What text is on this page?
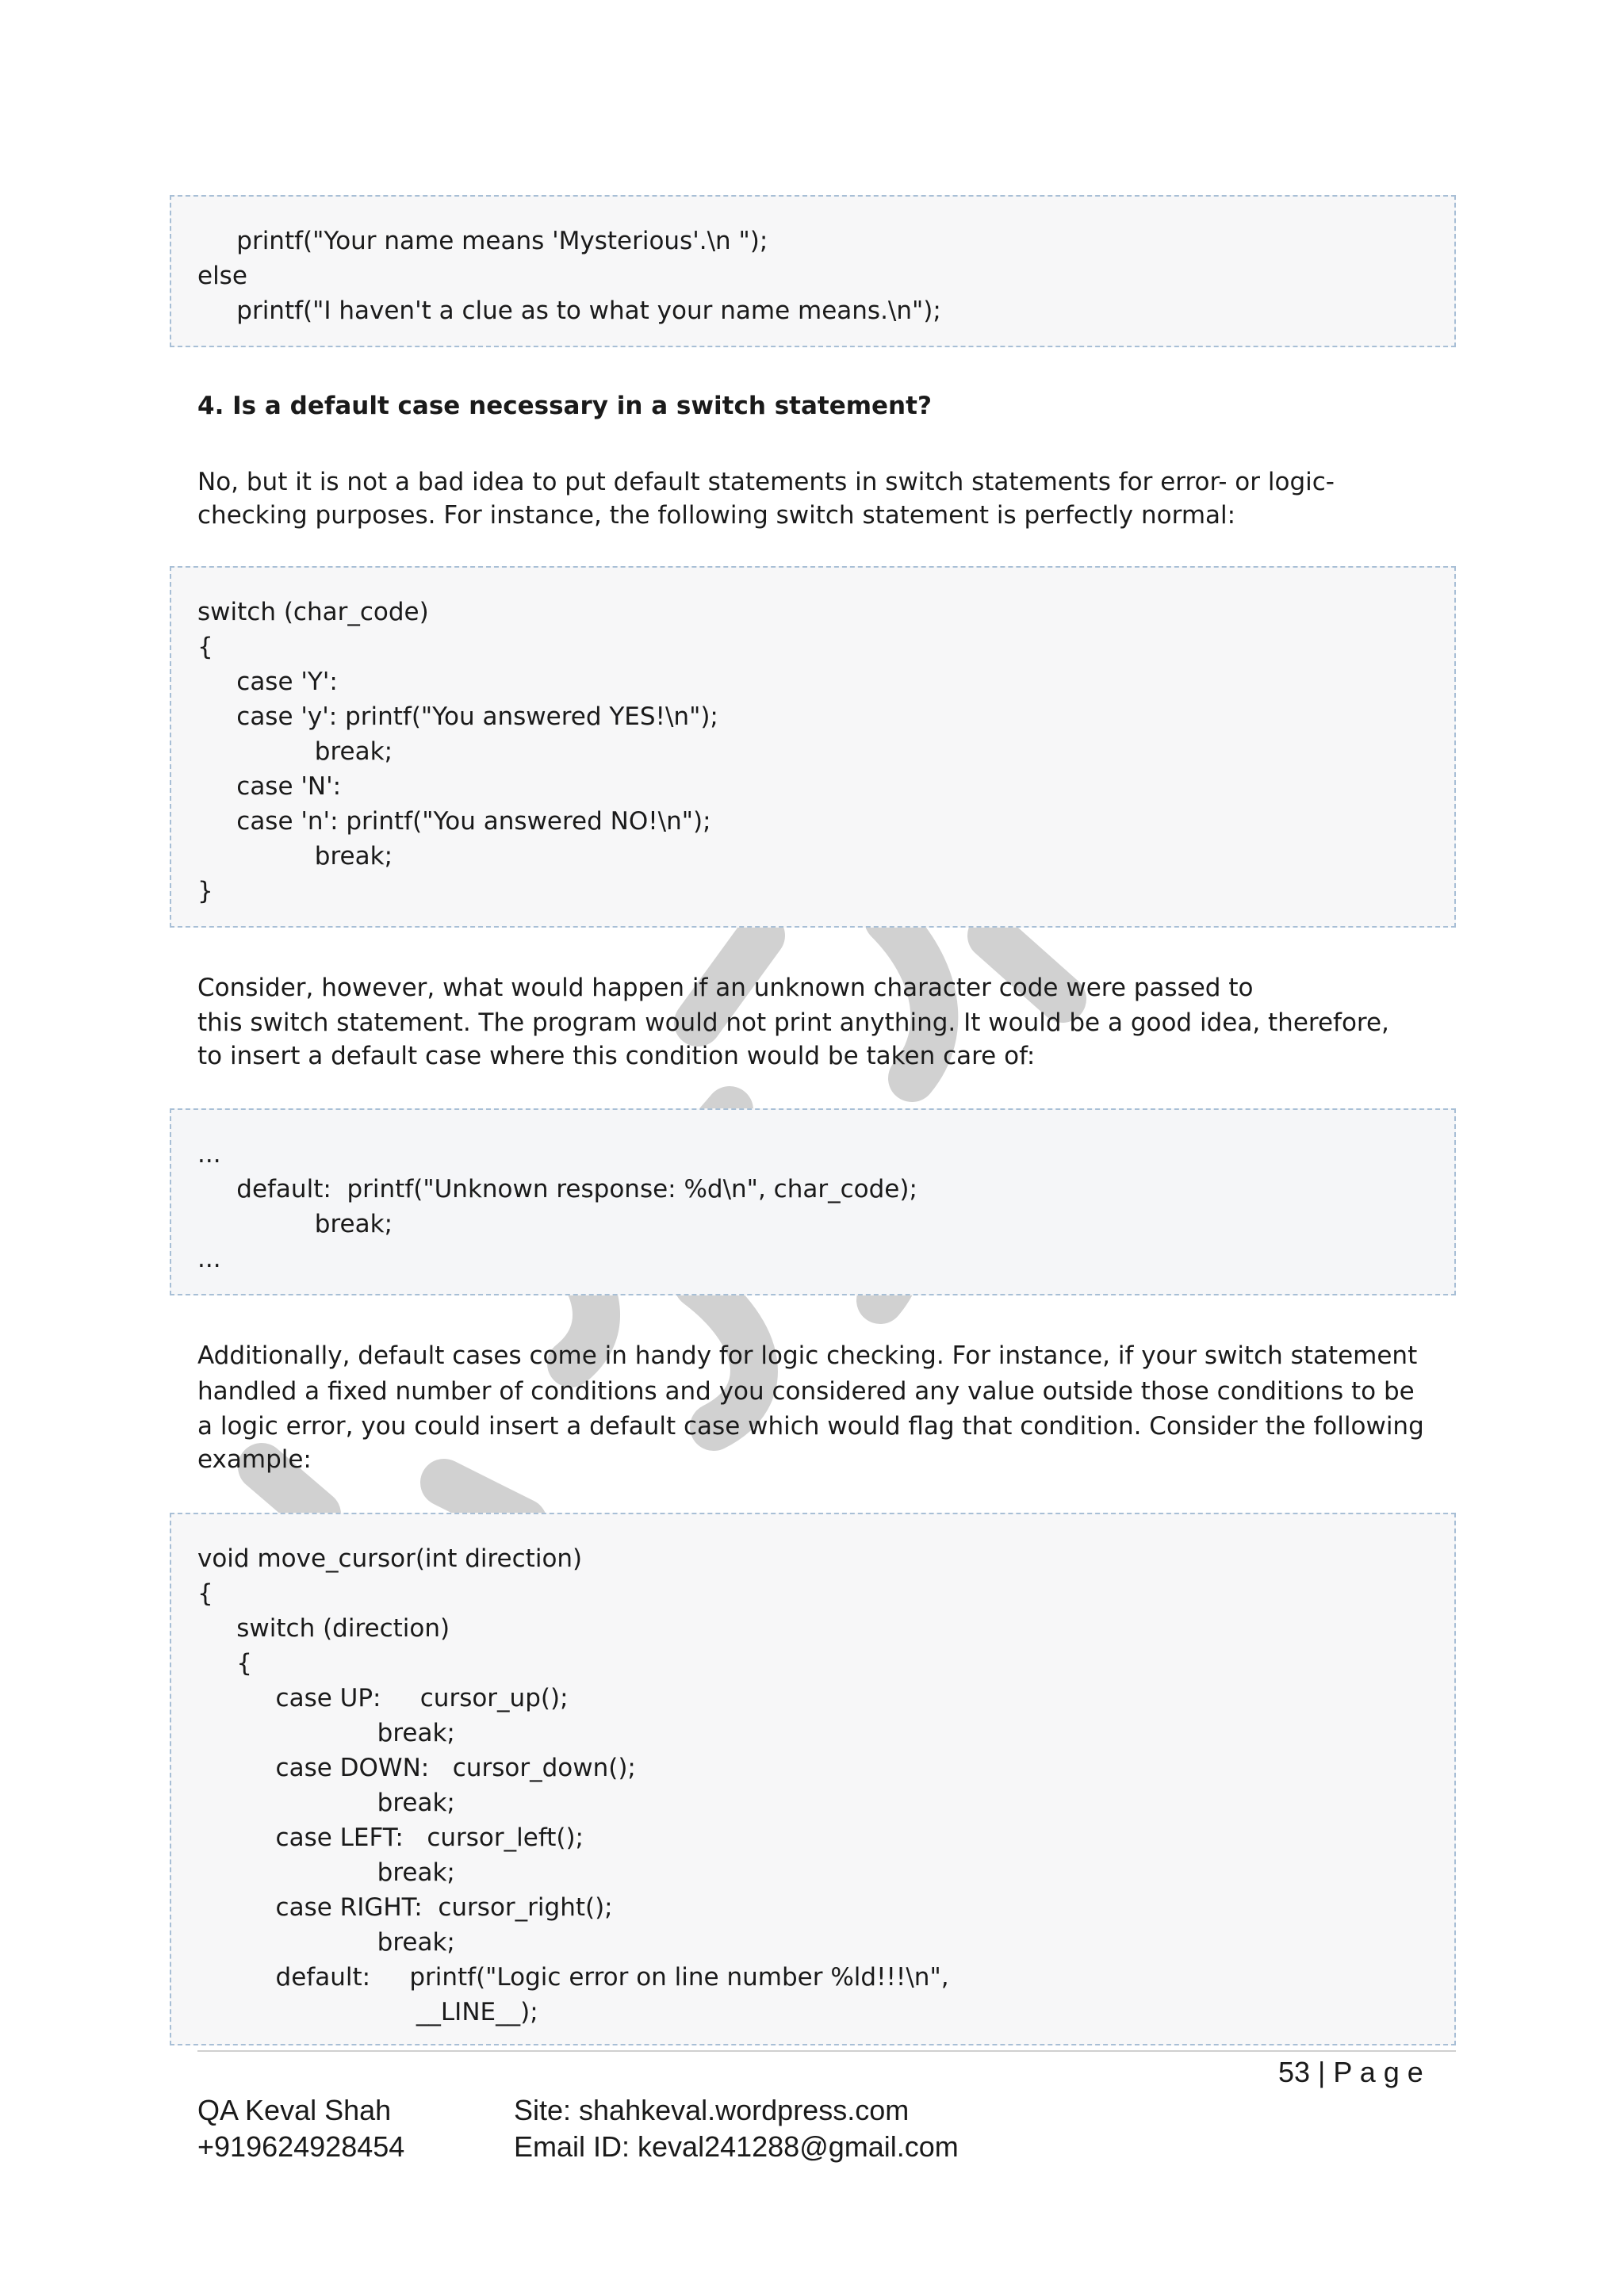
printf("Your name means 'Mysterious'.\n ");
else
printf("I haven't a clue as to what your name means.\n");
4. Is a default case necessary in a switch statement?
No, but it is not a bad idea to put default statements in switch statements for error- or logic-
checking purposes. For instance, the following switch statement is perfectly normal:
switch (char_code)
{
case 'Y':
case 'y': printf("You answered YES!\n");
break;
case 'N':
case 'n': printf("You answered NO!\n");
break;
}
Consider, however, what would happen if an unknown character code were passed to
this switch statement. The program would not print anything. It would be a good idea, therefore,
to insert a default case where this condition would be taken care of:
...
default:  printf("Unknown response: %d\n", char_code);
break;
...
Additionally, default cases come in handy for logic checking. For instance, if your switch statement
handled a fixed number of conditions and you considered any value outside those conditions to be
a logic error, you could insert a default case which would flag that condition. Consider the following
example:
void move_cursor(int direction)
{
switch (direction)
{
case UP:     cursor_up();
break;
case DOWN:   cursor_down();
break;
case LEFT:   cursor_left();
break;
case RIGHT:  cursor_right();
break;
default:     printf("Logic error on line number %ld!!!\n",
__LINE__);
53 | P a g e
QA Keval Shah
+919624928454
Site: shahkeval.wordpress.com
Email ID: keval241288@gmail.com
